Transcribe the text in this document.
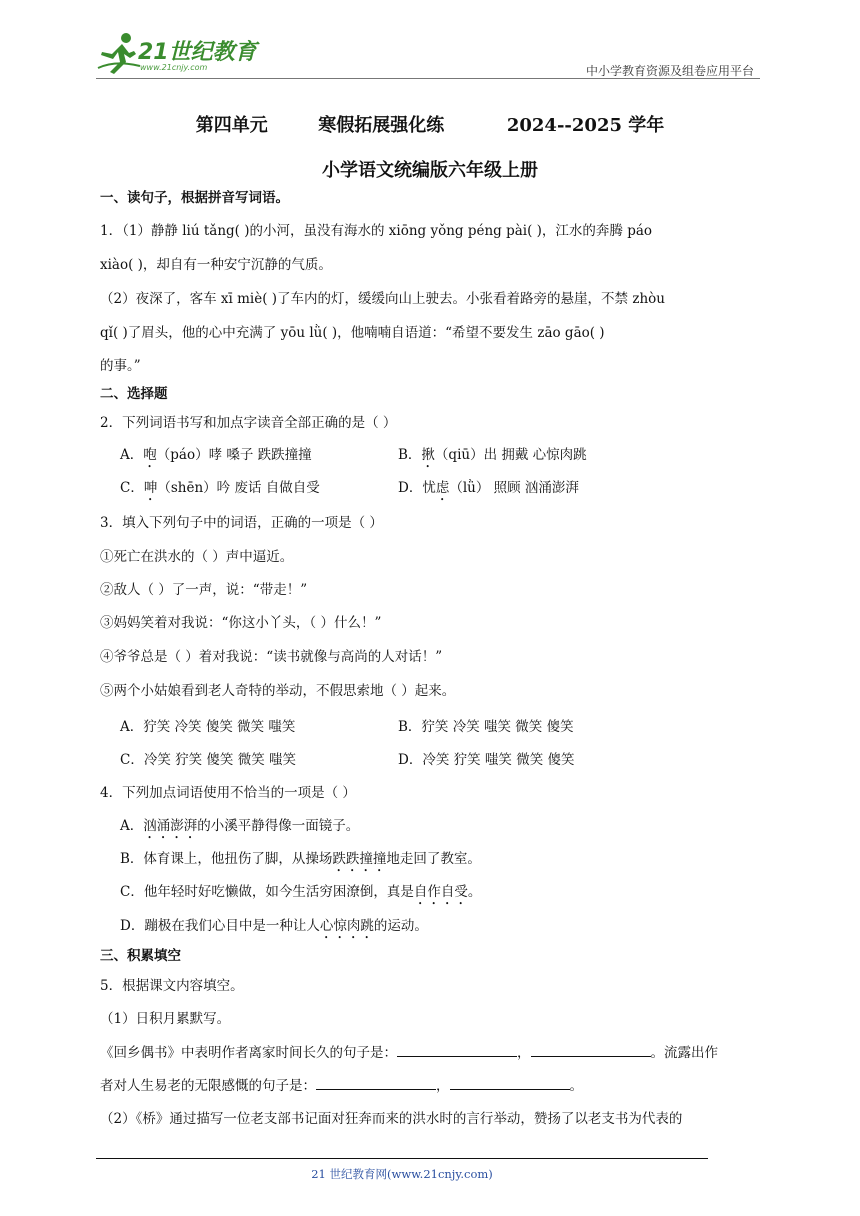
21世纪教育
www.21cnjy.com	中小学教育资源及组卷应用平台
第四单元	寒假拓展强化练	2024--2025 学年
小学语文统编版六年级上册
一、读句子，根据拼音写词语。
1．（1）静静 liú tǎng( )的小河，虽没有海水的 xiōng yǒng péng pài( )，江水的奔腾 páo
xiào( )，却自有一种安宁沉静的气质。
（2）夜深了，客车 xī miè( )了车内的灯，缓缓向山上驶去。小张看着路旁的悬崖，不禁 zhòu
qǐ( )了眉头，他的心中充满了 yōu lǜ( )，他喃喃自语道：“希望不要发生 zāo gāo( )
的事。”
二、选择题
2．下列词语书写和加点字读音全部正确的是（ ）
A．咆（páo）哮 嗓子 跌跌撞撞	B．揪（qiū）出 拥戴 心惊肉跳
C．呻（shēn）吟 废话 自做自受	D．忧虑（lǜ） 照顾 汹涌澎湃
3．填入下列句子中的词语，正确的一项是（ ）
①死亡在洪水的（ ）声中逼近。
②敌人（ ）了一声，说：“带走！”
③妈妈笑着对我说：“你这小丫头，（ ）什么！”
④爷爷总是（ ）着对我说：“读书就像与高尚的人对话！”
⑤两个小姑娘看到老人奇特的举动，不假思索地（ ）起来。
A．狞笑 冷笑 傻笑 微笑 嗤笑	B．狞笑 冷笑 嗤笑 微笑 傻笑
C．冷笑 狞笑 傻笑 微笑 嗤笑	D．冷笑 狞笑 嗤笑 微笑 傻笑
4．下列加点词语使用不恰当的一项是（ ）
A．汹涌澎湃的小溪平静得像一面镜子。
B．体育课上，他扭伤了脚，从操场跌跌撞撞地走回了教室。
C．他年轻时好吃懒做，如今生活穷困潦倒，真是自作自受。
D．蹦极在我们心目中是一种让人心惊肉跳的运动。
三、积累填空
5．根据课文内容填空。
（1）日积月累默写。
《回乡偶书》中表明作者离家时间长久的句子是：	，	。流露出作
者对人生易老的无限感慨的句子是：	，	。
（2）《桥》通过描写一位老支部书记面对狂奔而来的洪水时的言行举动，赞扬了以老支书为代表的
21 世纪教育网(www.21cnjy.com)
